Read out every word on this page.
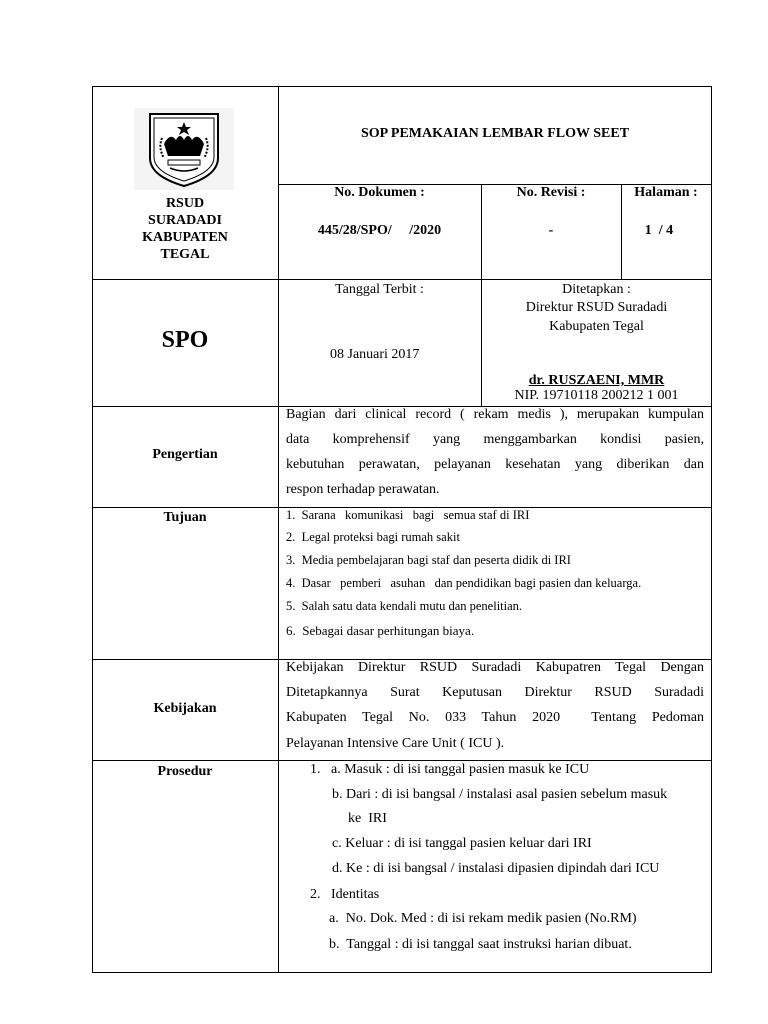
RSUD
SURADADI
KABUPATEN
TEGAL
SOP PEMAKAIAN LEMBAR FLOW SEET
No. Dokumen :
445/28/SPO/     /2020
No. Revisi :
-
Halaman :
1  / 4
SPO
Tanggal Terbit :
08 Januari 2017
Ditetapkan :
Direktur RSUD Suradadi
Kabupaten Tegal
dr. RUSZAENI, MMR
NIP. 19710118 200212 1 001
Pengertian
Bagian dari clinical record ( rekam medis ), merupakan kumpulan
data komprehensif yang menggambarkan kondisi pasien,
kebutuhan perawatan, pelayanan kesehatan yang diberikan dan
respon terhadap perawatan.
Tujuan	1.  Sarana   komunikasi   bagi   semua staf di IRI
2.  Legal proteksi bagi rumah sakit
3.  Media pembelajaran bagi staf dan peserta didik di IRI
4.  Dasar   pemberi   asuhan   dan pendidikan bagi pasien dan keluarga.
5.  Salah satu data kendali mutu dan penelitian.
6.  Sebagai dasar perhitungan biaya.
Kebijakan
Kebijakan Direktur RSUD Suradadi Kabupatren Tegal Dengan
Ditetapkannya Surat Keputusan Direktur RSUD Suradadi
Kabupaten Tegal No. 033 Tahun 2020  Tentang Pedoman
Pelayanan Intensive Care Unit ( ICU ).
Prosedur	1.   a. Masuk : di isi tanggal pasien masuk ke ICU
b. Dari : di isi bangsal / instalasi asal pasien sebelum masuk
ke  IRI
c. Keluar : di isi tanggal pasien keluar dari IRI
d. Ke : di isi bangsal / instalasi dipasien dipindah dari ICU
2.   Identitas
a.  No. Dok. Med : di isi rekam medik pasien (No.RM)
b.  Tanggal : di isi tanggal saat instruksi harian dibuat.
